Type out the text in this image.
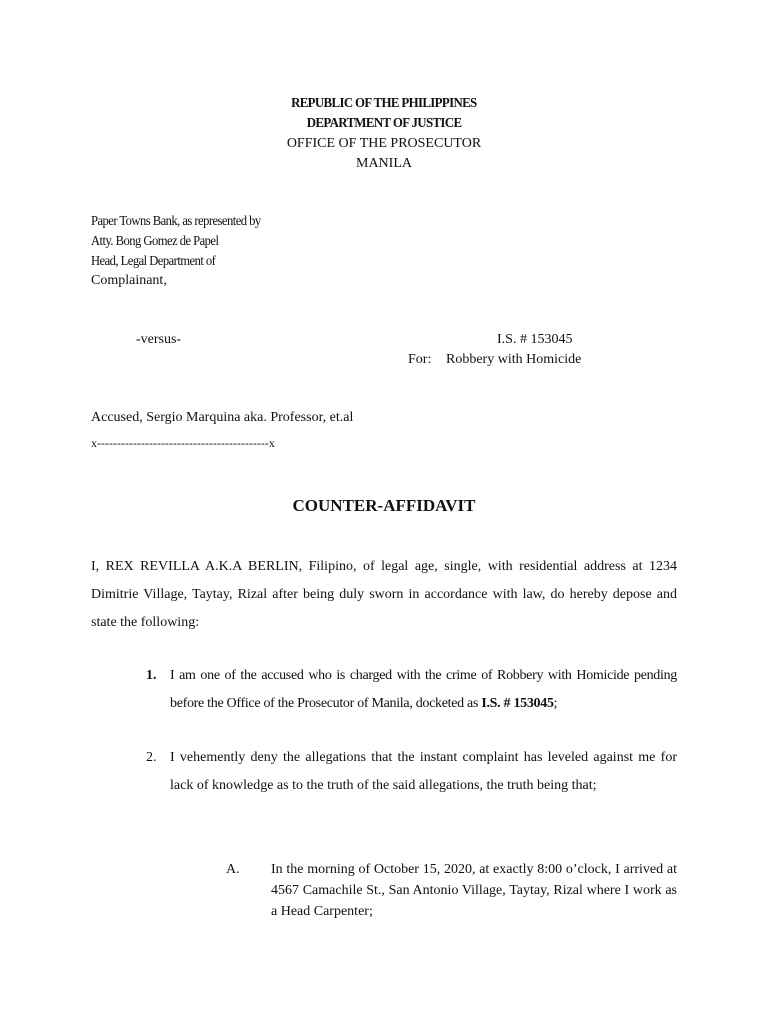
REPUBLIC OF THE PHILIPPINES
DEPARTMENT OF JUSTICE
OFFICE OF THE PROSECUTOR
MANILA
Paper Towns Bank, as represented by
Atty. Bong Gomez de Papel
Head, Legal Department of
Complainant,
-versus-	I.S. # 153045
For: Robbery with Homicide
Accused, Sergio Marquina aka. Professor, et.al
x-------------------------------------------x
COUNTER-AFFIDAVIT
I, REX REVILLA A.K.A BERLIN, Filipino, of legal age, single, with residential address at 1234 Dimitrie Village, Taytay, Rizal after being duly sworn in accordance with law, do hereby depose and state the following:
1. I am one of the accused who is charged with the crime of Robbery with Homicide pending before the Office of the Prosecutor of Manila, docketed as I.S. # 153045;
2. I vehemently deny the allegations that the instant complaint has leveled against me for lack of knowledge as to the truth of the said allegations, the truth being that;
A. In the morning of October 15, 2020, at exactly 8:00 o’clock, I arrived at 4567 Camachile St., San Antonio Village, Taytay, Rizal where I work as a Head Carpenter;
